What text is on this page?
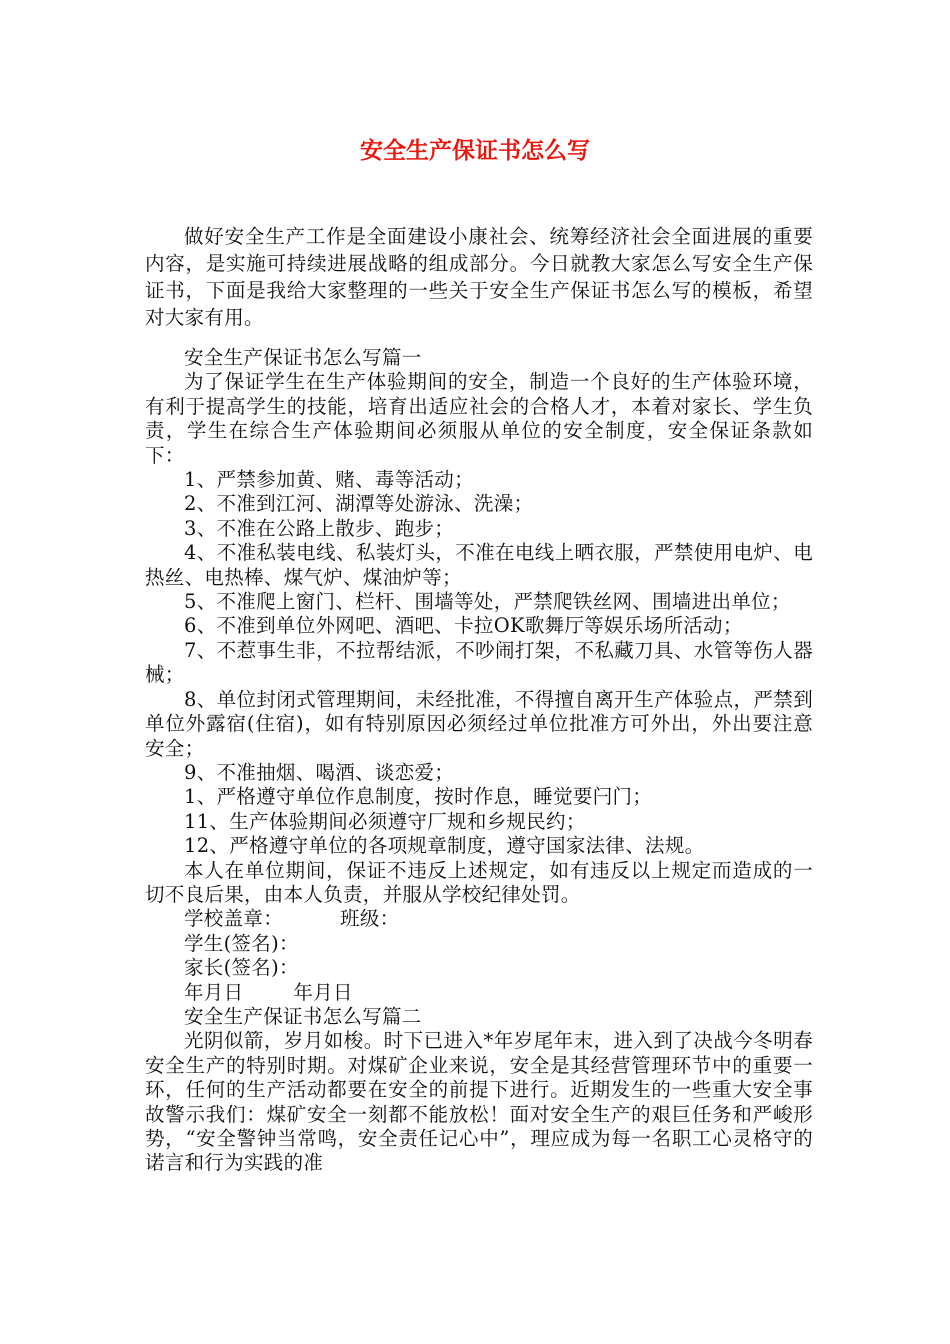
安全生产保证书怎么写

做好安全生产工作是全面建设小康社会、统筹经济社会全面进展的重要内容，是实施可持续进展战略的组成部分。今日就教大家怎么写安全生产保证书，下面是我给大家整理的一些关于安全生产保证书怎么写的模板，希望对大家有用。

安全生产保证书怎么写篇一

为了保证学生在生产体验期间的安全，制造一个良好的生产体验环境，有利于提高学生的技能，培育出适应社会的合格人才，本着对家长、学生负责，学生在综合生产体验期间必须服从单位的安全制度，安全保证条款如下：

1、严禁参加黄、赌、毒等活动；

2、不准到江河、湖潭等处游泳、洗澡；

3、不准在公路上散步、跑步；

4、不准私装电线、私装灯头，不准在电线上晒衣服，严禁使用电炉、电热丝、电热棒、煤气炉、煤油炉等；

5、不准爬上窗门、栏杆、围墙等处，严禁爬铁丝网、围墙进出单位；

6、不准到单位外网吧、酒吧、卡拉OK歌舞厅等娱乐场所活动；

7、不惹事生非，不拉帮结派，不吵闹打架，不私藏刀具、水管等伤人器械；

8、单位封闭式管理期间，未经批准，不得擅自离开生产体验点，严禁到单位外露宿(住宿)，如有特别原因必须经过单位批准方可外出，外出要注意安全；

9、不准抽烟、喝酒、谈恋爱；

1、严格遵守单位作息制度，按时作息，睡觉要闩门；

11、生产体验期间必须遵守厂规和乡规民约；

12、严格遵守单位的各项规章制度，遵守国家法律、法规。

本人在单位期间，保证不违反上述规定，如有违反以上规定而造成的一切不良后果，由本人负责，并服从学校纪律处罚。

学校盖章：	班级：
学生(签名)：
家长(签名)：
年月日	年月日

安全生产保证书怎么写篇二

光阴似箭，岁月如梭。时下已进入*年岁尾年末，进入到了决战今冬明春安全生产的特别时期。对煤矿企业来说，安全是其经营管理环节中的重要一环，任何的生产活动都要在安全的前提下进行。近期发生的一些重大安全事故警示我们：煤矿安全一刻都不能放松！面对安全生产的艰巨任务和严峻形势，“安全警钟当常鸣，安全责任记心中”，理应成为每一名职工心灵格守的诺言和行为实践的准
